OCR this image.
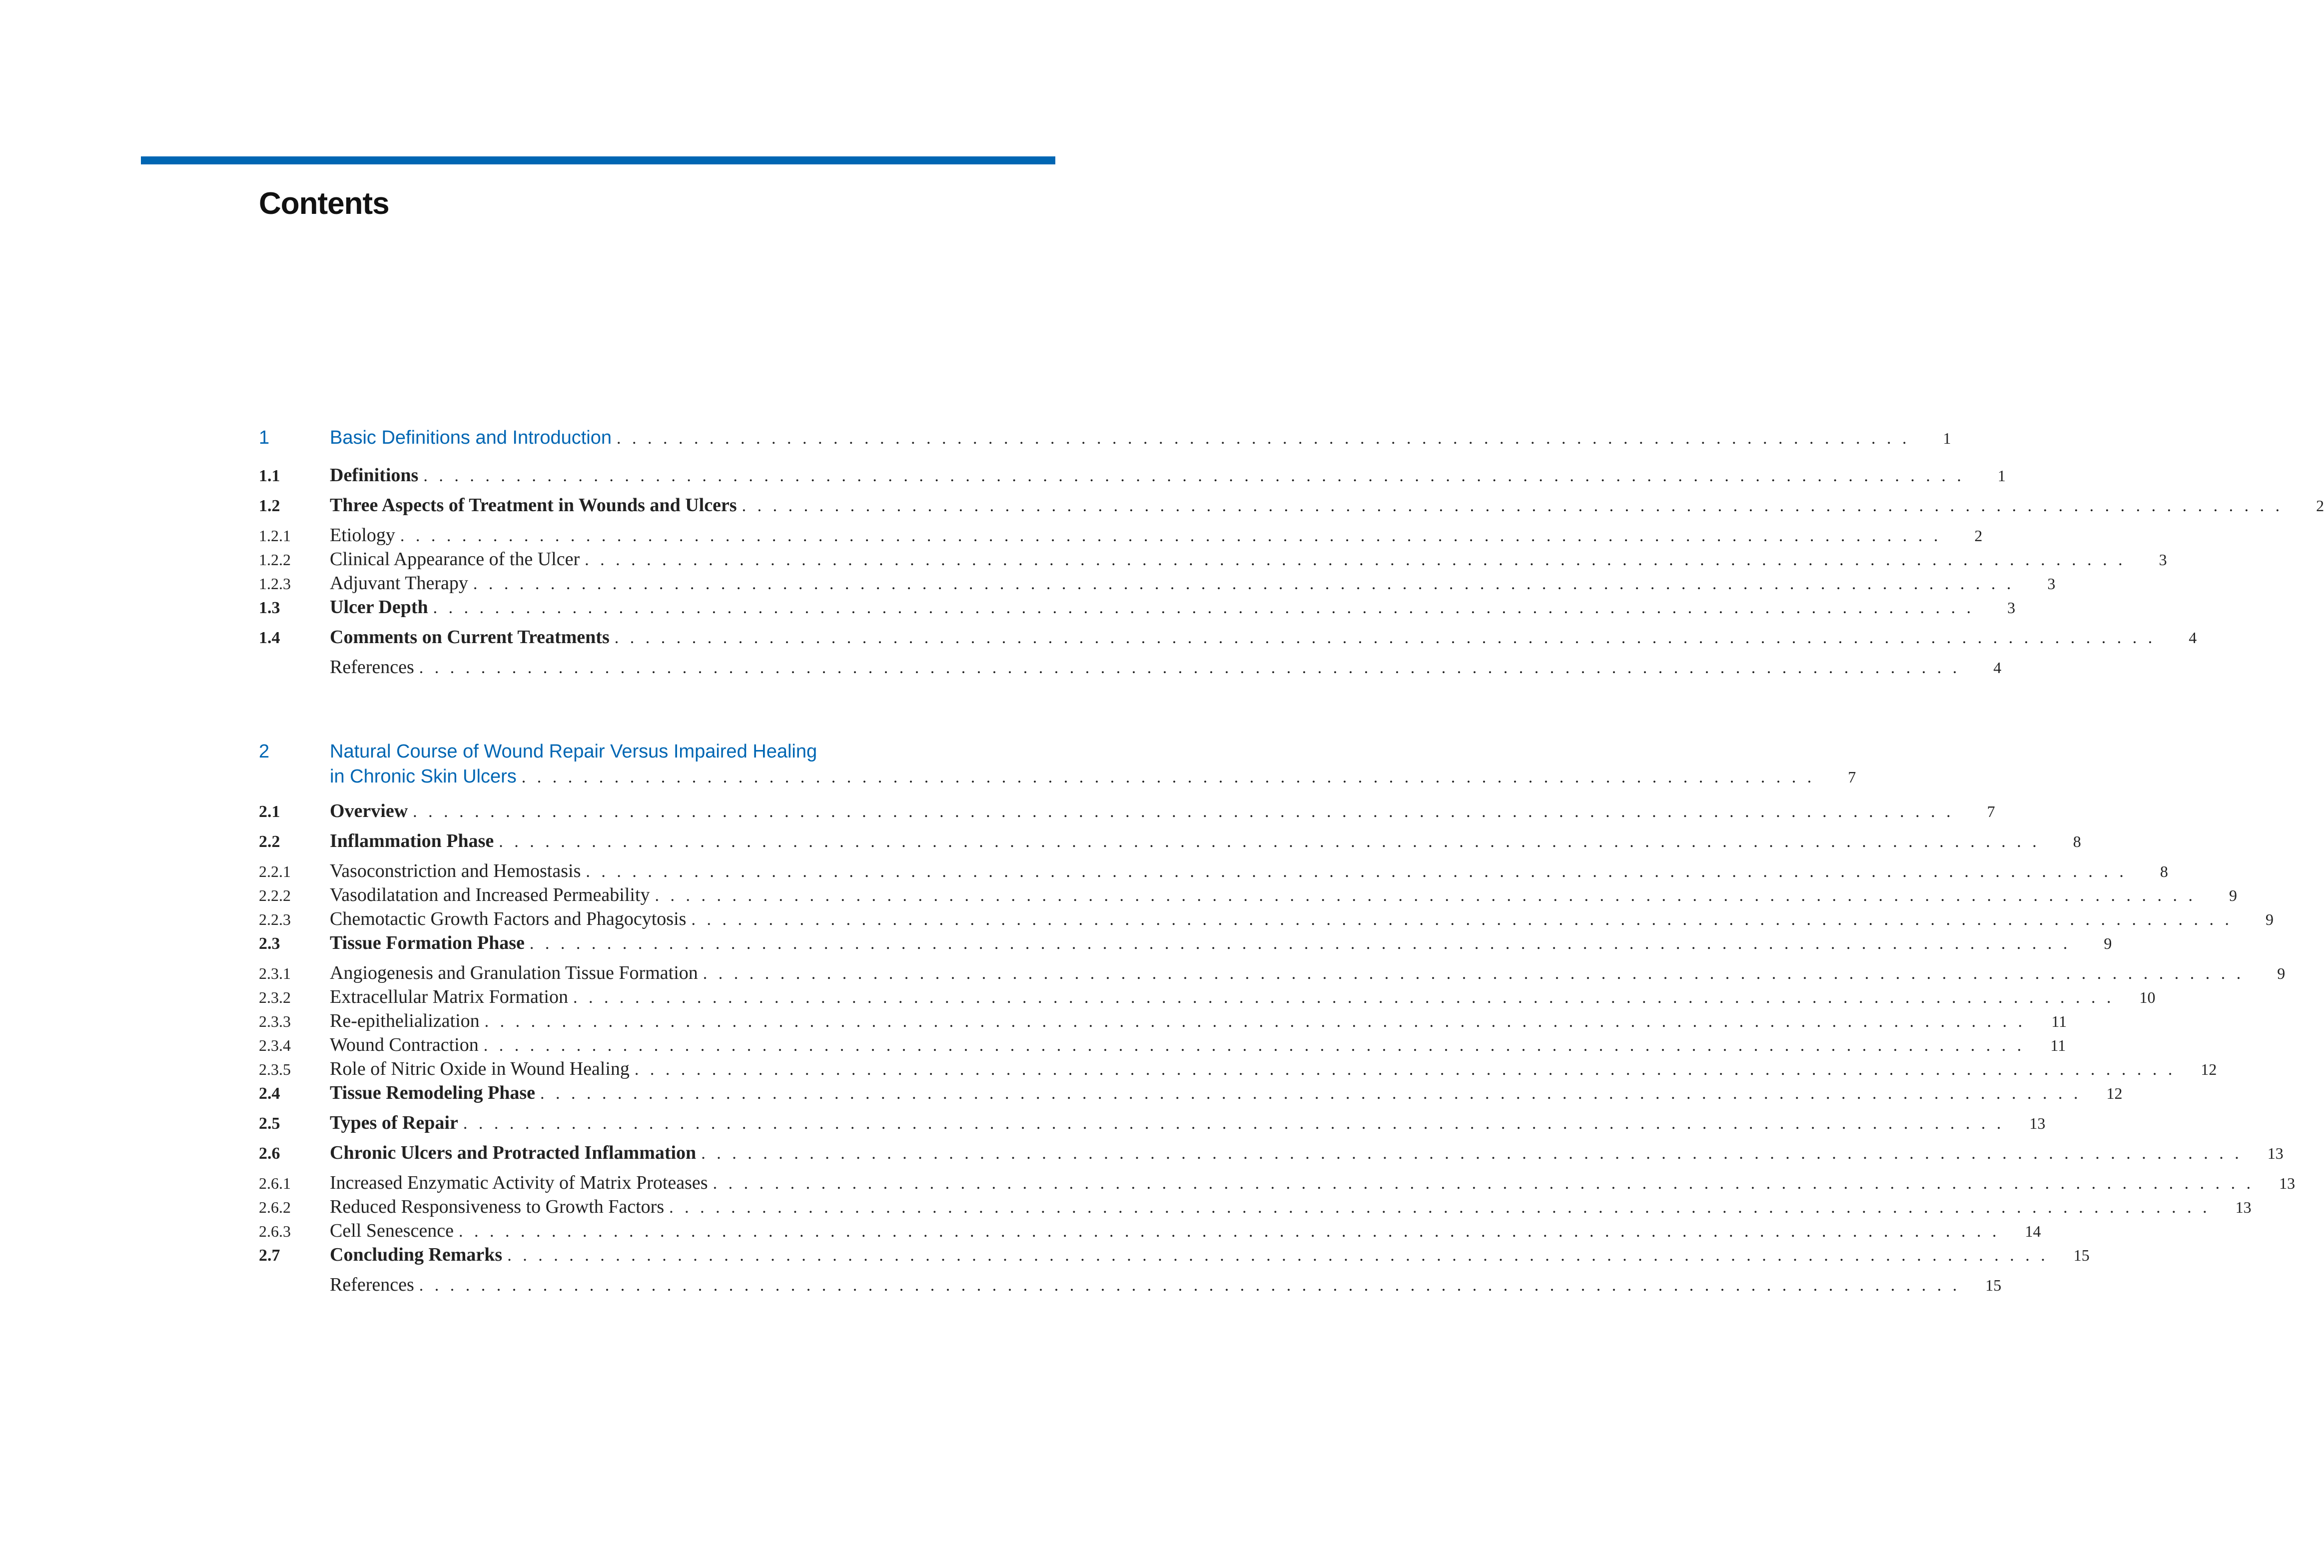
Contents
1	Basic Definitions and Introduction . . . . . . . . . . . . . . . . . . . . . . . . . . . . . . . . . . . . . . . . . . . . . . . . . . . . . . . . . . . . . . . . . . . . . . . . . . . . . . . . . . . .	1
1.1	Definitions . . . . . . . . . . . . . . . . . . . . . . . . . . . . . . . . . . . . . . . . . . . . . . . . . . . . . . . . . . . . . . . . . . . . . . . . . . . . . . . . . . . . . . . . . . . . . . . . . . . .	1
1.2	Three Aspects of Treatment in Wounds and Ulcers . . . . . . . . . . . . . . . . . . . . . . . . . . . . . . . . . . . . . . . . . . . . . . . . . . . . . . . . . . . . . . . . . . . . . . . . . . . . . . . . . . . . . . . . . . . . . . . . . . . .	2
1.2.1	Etiology . . . . . . . . . . . . . . . . . . . . . . . . . . . . . . . . . . . . . . . . . . . . . . . . . . . . . . . . . . . . . . . . . . . . . . . . . . . . . . . . . . . . . . . . . . . . . . . . . . . .	2
1.2.2	Clinical Appearance of the Ulcer . . . . . . . . . . . . . . . . . . . . . . . . . . . . . . . . . . . . . . . . . . . . . . . . . . . . . . . . . . . . . . . . . . . . . . . . . . . . . . . . . . . . . . . . . . . . . . . . . . . .	3
1.2.3	Adjuvant Therapy . . . . . . . . . . . . . . . . . . . . . . . . . . . . . . . . . . . . . . . . . . . . . . . . . . . . . . . . . . . . . . . . . . . . . . . . . . . . . . . . . . . . . . . . . . . . . . . . . . . .	3
1.3	Ulcer Depth . . . . . . . . . . . . . . . . . . . . . . . . . . . . . . . . . . . . . . . . . . . . . . . . . . . . . . . . . . . . . . . . . . . . . . . . . . . . . . . . . . . . . . . . . . . . . . . . . . . .	3
1.4	Comments on Current Treatments . . . . . . . . . . . . . . . . . . . . . . . . . . . . . . . . . . . . . . . . . . . . . . . . . . . . . . . . . . . . . . . . . . . . . . . . . . . . . . . . . . . . . . . . . . . . . . . . . . . .	4
References . . . . . . . . . . . . . . . . . . . . . . . . . . . . . . . . . . . . . . . . . . . . . . . . . . . . . . . . . . . . . . . . . . . . . . . . . . . . . . . . . . . . . . . . . . . . . . . . . . . .	4
2	Natural Course of Wound Repair Versus Impaired Healing
in Chronic Skin Ulcers . . . . . . . . . . . . . . . . . . . . . . . . . . . . . . . . . . . . . . . . . . . . . . . . . . . . . . . . . . . . . . . . . . . . . . . . . . . . . . . . . . . .	7
2.1	Overview . . . . . . . . . . . . . . . . . . . . . . . . . . . . . . . . . . . . . . . . . . . . . . . . . . . . . . . . . . . . . . . . . . . . . . . . . . . . . . . . . . . . . . . . . . . . . . . . . . . .	7
2.2	Inflammation Phase . . . . . . . . . . . . . . . . . . . . . . . . . . . . . . . . . . . . . . . . . . . . . . . . . . . . . . . . . . . . . . . . . . . . . . . . . . . . . . . . . . . . . . . . . . . . . . . . . . . .	8
2.2.1	Vasoconstriction and Hemostasis . . . . . . . . . . . . . . . . . . . . . . . . . . . . . . . . . . . . . . . . . . . . . . . . . . . . . . . . . . . . . . . . . . . . . . . . . . . . . . . . . . . . . . . . . . . . . . . . . . . .	8
2.2.2	Vasodilatation and Increased Permeability . . . . . . . . . . . . . . . . . . . . . . . . . . . . . . . . . . . . . . . . . . . . . . . . . . . . . . . . . . . . . . . . . . . . . . . . . . . . . . . . . . . . . . . . . . . . . . . . . . . .	9
2.2.3	Chemotactic Growth Factors and Phagocytosis . . . . . . . . . . . . . . . . . . . . . . . . . . . . . . . . . . . . . . . . . . . . . . . . . . . . . . . . . . . . . . . . . . . . . . . . . . . . . . . . . . . . . . . . . . . . . . . . . . . .	9
2.3	Tissue Formation Phase . . . . . . . . . . . . . . . . . . . . . . . . . . . . . . . . . . . . . . . . . . . . . . . . . . . . . . . . . . . . . . . . . . . . . . . . . . . . . . . . . . . . . . . . . . . . . . . . . . . .	9
2.3.1	Angiogenesis and Granulation Tissue Formation . . . . . . . . . . . . . . . . . . . . . . . . . . . . . . . . . . . . . . . . . . . . . . . . . . . . . . . . . . . . . . . . . . . . . . . . . . . . . . . . . . . . . . . . . . . . . . . . . . . .	9
2.3.2	Extracellular Matrix Formation . . . . . . . . . . . . . . . . . . . . . . . . . . . . . . . . . . . . . . . . . . . . . . . . . . . . . . . . . . . . . . . . . . . . . . . . . . . . . . . . . . . . . . . . . . . . . . . . . . . .	10
2.3.3	Re-epithelialization . . . . . . . . . . . . . . . . . . . . . . . . . . . . . . . . . . . . . . . . . . . . . . . . . . . . . . . . . . . . . . . . . . . . . . . . . . . . . . . . . . . . . . . . . . . . . . . . . . . .	11
2.3.4	Wound Contraction . . . . . . . . . . . . . . . . . . . . . . . . . . . . . . . . . . . . . . . . . . . . . . . . . . . . . . . . . . . . . . . . . . . . . . . . . . . . . . . . . . . . . . . . . . . . . . . . . . . .	11
2.3.5	Role of Nitric Oxide in Wound Healing . . . . . . . . . . . . . . . . . . . . . . . . . . . . . . . . . . . . . . . . . . . . . . . . . . . . . . . . . . . . . . . . . . . . . . . . . . . . . . . . . . . . . . . . . . . . . . . . . . . .	12
2.4	Tissue Remodeling Phase . . . . . . . . . . . . . . . . . . . . . . . . . . . . . . . . . . . . . . . . . . . . . . . . . . . . . . . . . . . . . . . . . . . . . . . . . . . . . . . . . . . . . . . . . . . . . . . . . . . .	12
2.5	Types of Repair . . . . . . . . . . . . . . . . . . . . . . . . . . . . . . . . . . . . . . . . . . . . . . . . . . . . . . . . . . . . . . . . . . . . . . . . . . . . . . . . . . . . . . . . . . . . . . . . . . . .	13
2.6	Chronic Ulcers and Protracted Inflammation . . . . . . . . . . . . . . . . . . . . . . . . . . . . . . . . . . . . . . . . . . . . . . . . . . . . . . . . . . . . . . . . . . . . . . . . . . . . . . . . . . . . . . . . . . . . . . . . . . . .	13
2.6.1	Increased Enzymatic Activity of Matrix Proteases . . . . . . . . . . . . . . . . . . . . . . . . . . . . . . . . . . . . . . . . . . . . . . . . . . . . . . . . . . . . . . . . . . . . . . . . . . . . . . . . . . . . . . . . . . . . . . . . . . . .	13
2.6.2	Reduced Responsiveness to Growth Factors . . . . . . . . . . . . . . . . . . . . . . . . . . . . . . . . . . . . . . . . . . . . . . . . . . . . . . . . . . . . . . . . . . . . . . . . . . . . . . . . . . . . . . . . . . . . . . . . . . . .	13
2.6.3	Cell Senescence . . . . . . . . . . . . . . . . . . . . . . . . . . . . . . . . . . . . . . . . . . . . . . . . . . . . . . . . . . . . . . . . . . . . . . . . . . . . . . . . . . . . . . . . . . . . . . . . . . . .	14
2.7	Concluding Remarks . . . . . . . . . . . . . . . . . . . . . . . . . . . . . . . . . . . . . . . . . . . . . . . . . . . . . . . . . . . . . . . . . . . . . . . . . . . . . . . . . . . . . . . . . . . . . . . . . . . .	15
References . . . . . . . . . . . . . . . . . . . . . . . . . . . . . . . . . . . . . . . . . . . . . . . . . . . . . . . . . . . . . . . . . . . . . . . . . . . . . . . . . . . . . . . . . . . . . . . . . . . .	15
